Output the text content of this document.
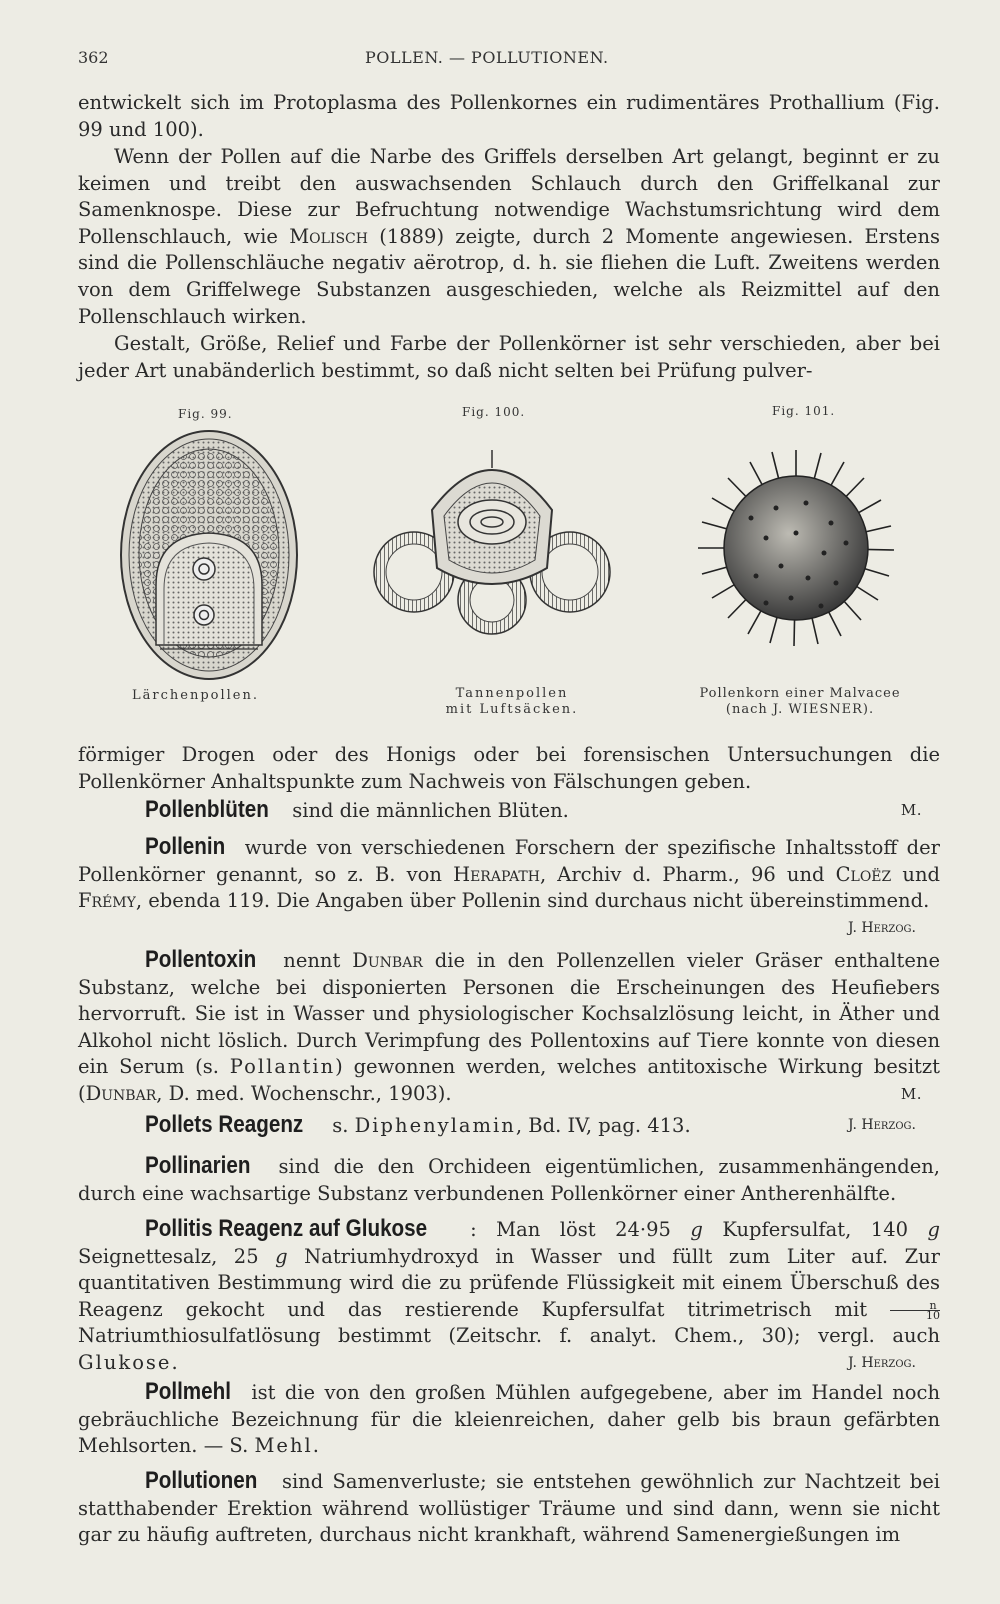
362	POLLEN. — POLLUTIONEN.

entwickelt sich im Protoplasma des Pollenkornes ein rudimentäres Prothallium (Fig. 99 und 100).

Wenn der Pollen auf die Narbe des Griffels derselben Art gelangt, beginnt er zu keimen und treibt den auswachsenden Schlauch durch den Griffelkanal zur Samenknospe. Diese zur Befruchtung notwendige Wachstumsrichtung wird dem Pollenschlauch, wie Molisch (1889) zeigte, durch 2 Momente angewiesen. Erstens sind die Pollenschläuche negativ aërotrop, d. h. sie fliehen die Luft. Zweitens werden von dem Griffelwege Substanzen ausgeschieden, welche als Reizmittel auf den Pollenschlauch wirken.

Gestalt, Größe, Relief und Farbe der Pollenkörner ist sehr verschieden, aber bei jeder Art unabänderlich bestimmt, so daß nicht selten bei Prüfung pulver-

Fig. 99.	Fig. 100.	Fig. 101.
Lärchenpollen.	Tannenpollen
mit Luftsäcken.
Pollenkorn einer Malvacee
(nach J. WIESNER).

förmiger Drogen oder des Honigs oder bei forensischen Untersuchungen die Pollenkörner Anhaltspunkte zum Nachweis von Fälschungen geben.

Pollenblüten sind die männlichen Blüten.	M.

Pollenin wurde von verschiedenen Forschern der spezifische Inhaltsstoff der Pollenkörner genannt, so z. B. von Herapath, Archiv d. Pharm., 96 und Cloëz und Frémy, ebenda 119. Die Angaben über Pollenin sind durchaus nicht übereinstimmend.
J. Herzog.

Pollentoxin nennt Dunbar die in den Pollenzellen vieler Gräser enthaltene Substanz, welche bei disponierten Personen die Erscheinungen des Heufiebers hervorruft. Sie ist in Wasser und physiologischer Kochsalzlösung leicht, in Äther und Alkohol nicht löslich. Durch Verimpfung des Pollentoxins auf Tiere konnte von diesen ein Serum (s. Pollantin) gewonnen werden, welches antitoxische Wirkung besitzt (Dunbar, D. med. Wochenschr., 1903).	M.

Pollets Reagenz s. Diphenylamin, Bd. IV, pag. 413.	J. Herzog.

Pollinarien sind die den Orchideen eigentümlichen, zusammenhängenden, durch eine wachsartige Substanz verbundenen Pollenkörner einer Antherenhälfte.

Pollitis Reagenz auf Glukose : Man löst 24·95 g Kupfersulfat, 140 g Seignettesalz, 25 g Natriumhydroxyd in Wasser und füllt zum Liter auf. Zur quantitativen Bestimmung wird die zu prüfende Flüssigkeit mit einem Überschuß des Reagenz gekocht und das restierende Kupfersulfat titrimetrisch mit $\frac{n}{10}$
Natriumthiosulfatlösung bestimmt (Zeitschr. f. analyt. Chem., 30); vergl. auch Glukose.	J. Herzog.

Pollmehl ist die von den großen Mühlen aufgegebene, aber im Handel noch gebräuchliche Bezeichnung für die kleienreichen, daher gelb bis braun gefärbten Mehlsorten. — S. Mehl.

Pollutionen sind Samenverluste; sie entstehen gewöhnlich zur Nachtzeit bei statthabender Erektion während wollüstiger Träume und sind dann, wenn sie nicht gar zu häufig auftreten, durchaus nicht krankhaft, während Samenergießungen im
